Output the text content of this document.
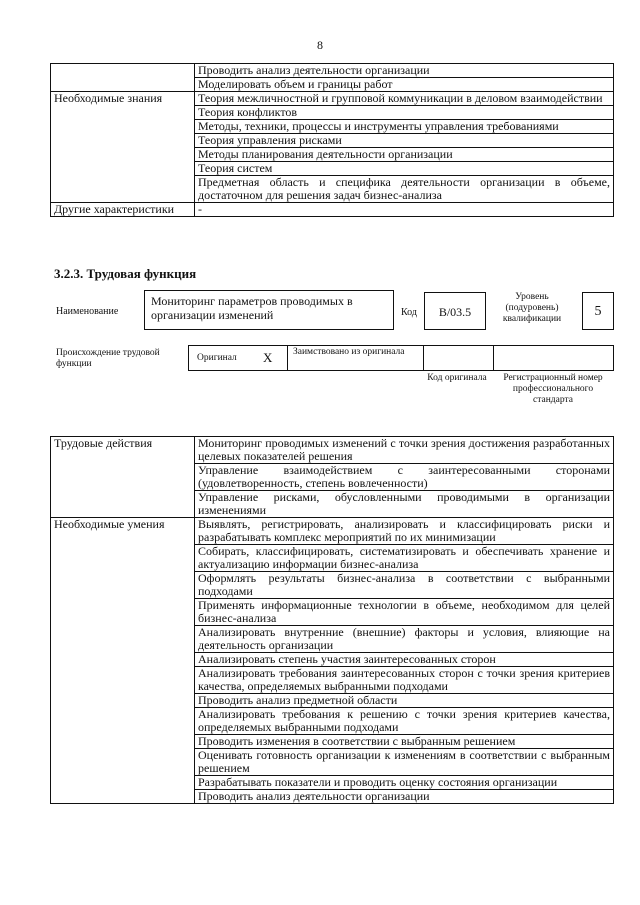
8
	Проводить анализ деятельности организации
	Моделировать объем и границы работ
Необходимые знания	Теория межличностной и групповой коммуникации в деловом взаимодействии
	Теория конфликтов
	Методы, техники, процессы и инструменты управления требованиями
	Теория управления рисками
	Методы планирования деятельности организации
	Теория систем
	Предметная область и специфика деятельности организации в объеме, достаточном для решения задач бизнес-анализа
Другие характеристики	-
3.2.3. Трудовая функция
Наименование
Мониторинг параметров проводимых в организации изменений	Код	B/03.5
Уровень (подуровень) квалификации	5
Происхождение трудовой функции
Оригинал X Заимствовано из оригинала
Код оригинала	Регистрационный номер профессионального стандарта
Трудовые действия	Мониторинг проводимых изменений с точки зрения достижения разработанных целевых показателей решения
	Управление взаимодействием с заинтересованными сторонами (удовлетворенность, степень вовлеченности)
	Управление рисками, обусловленными проводимыми в организации изменениями
Необходимые умения	Выявлять, регистрировать, анализировать и классифицировать риски и разрабатывать комплекс мероприятий по их минимизации
	Собирать, классифицировать, систематизировать и обеспечивать хранение и актуализацию информации бизнес-анализа
	Оформлять результаты бизнес-анализа в соответствии с выбранными подходами
	Применять информационные технологии в объеме, необходимом для целей бизнес-анализа
	Анализировать внутренние (внешние) факторы и условия, влияющие на деятельность организации
	Анализировать степень участия заинтересованных сторон
	Анализировать требования заинтересованных сторон с точки зрения критериев качества, определяемых выбранными подходами
	Проводить анализ предметной области
	Анализировать требования к решению с точки зрения критериев качества, определяемых выбранными подходами
	Проводить изменения в соответствии с выбранным решением
	Оценивать готовность организации к изменениям в соответствии с выбранным решением
	Разрабатывать показатели и проводить оценку состояния организации
	Проводить анализ деятельности организации
